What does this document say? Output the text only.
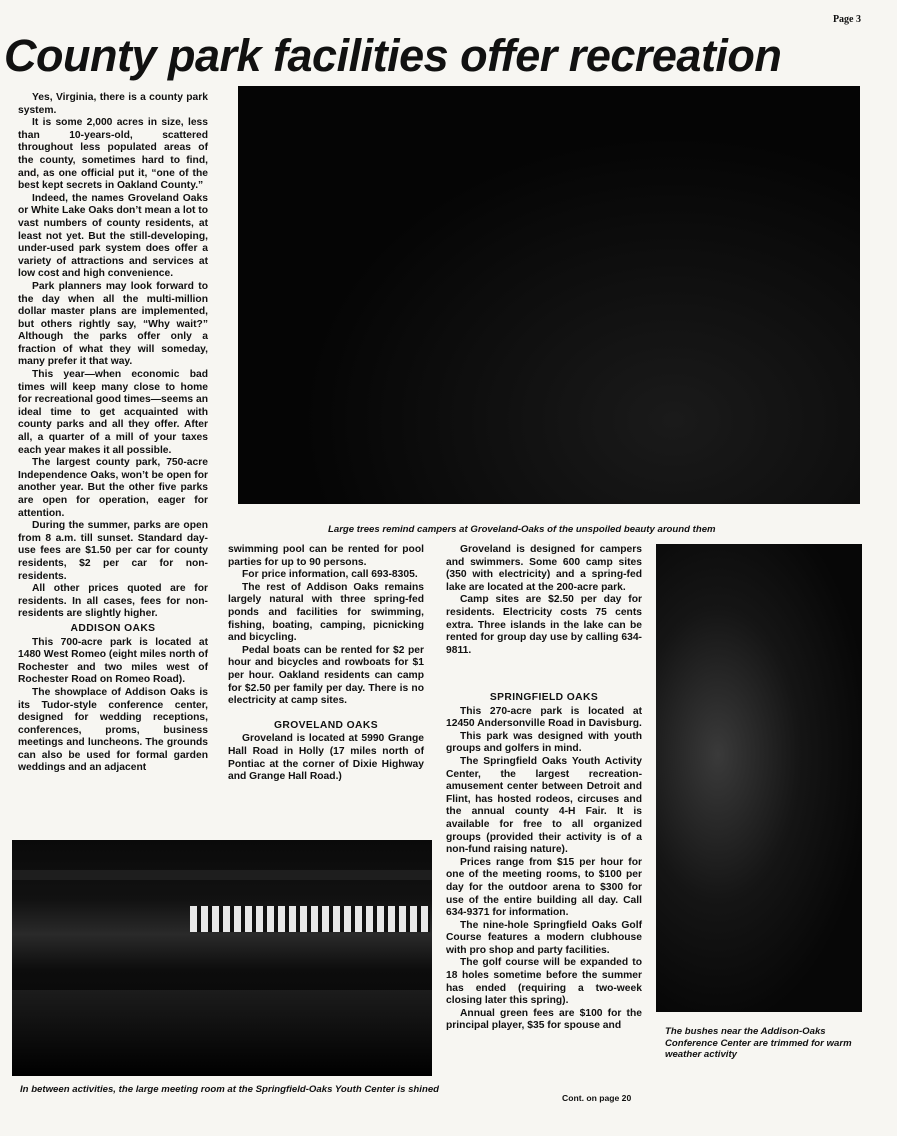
Page 3
County park facilities offer recreation

Large trees remind campers at Groveland-Oaks of the unspoiled beauty around them

The bushes near the Addison-Oaks Conference Center are trimmed for warm weather activity

In between activities, the large meeting room at the Springfield-Oaks Youth Center is shined

Yes, Virginia, there is a county park system.

It is some 2,000 acres in size, less than 10-years-old, scattered throughout less populated areas of the county, sometimes hard to find, and, as one official put it, “one of the best kept secrets in Oakland County.”

Indeed, the names Groveland Oaks or White Lake Oaks don’t mean a lot to vast numbers of county residents, at least not yet. But the still-developing, under-used park system does offer a variety of attractions and services at low cost and high convenience.

Park planners may look forward to the day when all the multi-million dollar master plans are implemented, but others rightly say, “Why wait?” Although the parks offer only a fraction of what they will someday, many prefer it that way.

This year—when economic bad times will keep many close to home for recreational good times—seems an ideal time to get acquainted with county parks and all they offer. After all, a quarter of a mill of your taxes each year makes it all possible.

The largest county park, 750-acre Independence Oaks, won’t be open for another year. But the other five parks are open for operation, eager for attention.

During the summer, parks are open from 8 a.m. till sunset. Standard day-use fees are $1.50 per car for county residents, $2 per car for non-residents.

All other prices quoted are for residents. In all cases, fees for non-residents are slightly higher.

ADDISON OAKS

This 700-acre park is located at 1480 West Romeo (eight miles north of Rochester and two miles west of Rochester Road on Romeo Road).

The showplace of Addison Oaks is its Tudor-style conference center, designed for wedding receptions, conferences, proms, business meetings and luncheons. The grounds can also be used for formal garden weddings and an adjacent

swimming pool can be rented for pool parties for up to 90 persons.

For price information, call 693-8305.

The rest of Addison Oaks remains largely natural with three spring-fed ponds and facilities for swimming, fishing, boating, camping, picnicking and bicycling.

Pedal boats can be rented for $2 per hour and bicycles and rowboats for $1 per hour. Oakland residents can camp for $2.50 per family per day. There is no electricity at camp sites.

GROVELAND OAKS

Groveland is located at 5990 Grange Hall Road in Holly (17 miles north of Pontiac at the corner of Dixie Highway and Grange Hall Road.)

Groveland is designed for campers and swimmers. Some 600 camp sites (350 with electricity) and a spring-fed lake are located at the 200-acre park.

Camp sites are $2.50 per day for residents. Electricity costs 75 cents extra. Three islands in the lake can be rented for group day use by calling 634-9811.

SPRINGFIELD OAKS

This 270-acre park is located at 12450 Andersonville Road in Davisburg.

This park was designed with youth groups and golfers in mind.

The Springfield Oaks Youth Activity Center, the largest recreation-amusement center between Detroit and Flint, has hosted rodeos, circuses and the annual county 4-H Fair. It is available for free to all organized groups (provided their activity is of a non-fund raising nature).

Prices range from $15 per hour for one of the meeting rooms, to $100 per day for the outdoor arena to $300 for use of the entire building all day. Call 634-9371 for information.

The nine-hole Springfield Oaks Golf Course features a modern clubhouse with pro shop and party facilities.

The golf course will be expanded to 18 holes sometime before the summer has ended (requiring a two-week closing later this spring).

Annual green fees are $100 for the principal player, $35 for spouse and

Cont. on page 20
